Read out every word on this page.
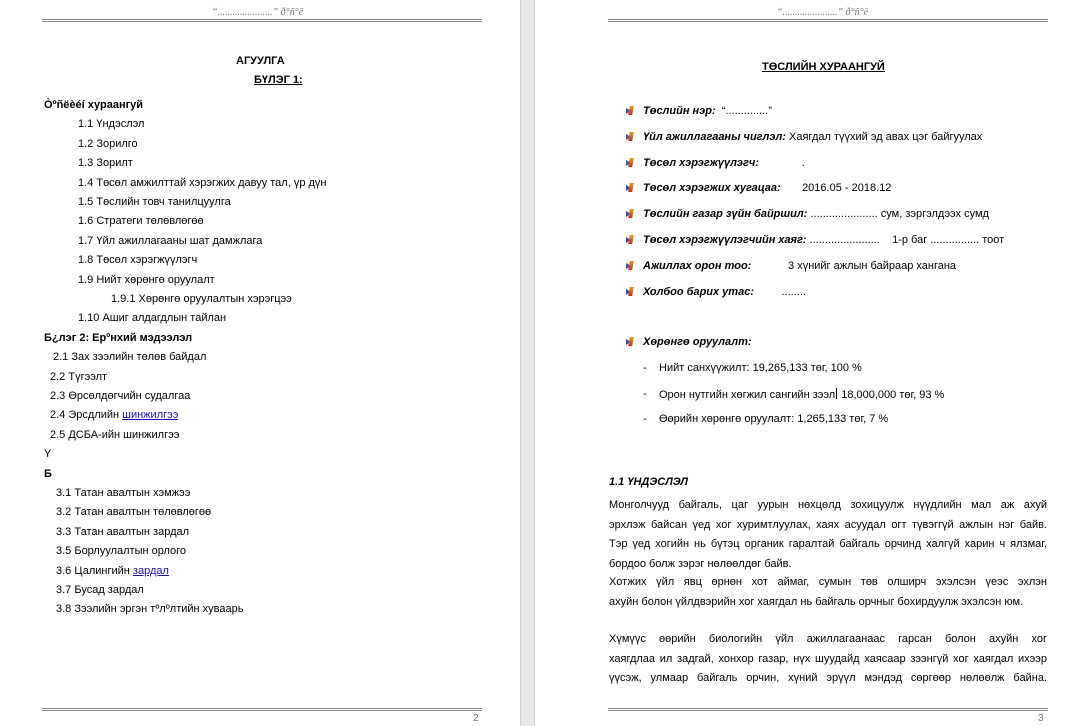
“......................” ð°ñ°ë
АГУУЛГА
БҮЛЭГ 1:
Òºñëèéí хураангуй
1.1 Үндэслэл
1.2 Зорилго
1.3 Зорилт
1.4 Төсөл амжилттай хэрэгжих давуу тал, үр дүн
1.5 Төслийн товч танилцуулга
1.6 Стратеги төлөвлөгөө
1.7 Үйл ажиллагааны шат дамжлага
1.8 Төсөл хэрэгжүүлэгч
1.9 Нийт хөрөнгө оруулалт
1.9.1 Хөрөнгө оруулалтын хэрэгцээ
1.10 Ашиг алдагдлын тайлан
Б¿лэг 2: Ерºнхий мэдээлэл
2.1 Зах зээлийн төлөв байдал
2.2 Түгээлт
2.3 Өрсөлдөгчийн судалгаа
2.4 Эрсдлийн шинжилгээ
2.5 ДСБА-ийн шинжилгээ
Y
Б
3.1 Татан авалтын хэмжээ
3.2 Татан авалтын төлөвлөгөө
3.3 Татан авалтын зардал
3.5 Борлуулалтын орлого
3.6 Цалингийн зардал
3.7 Бусад зардал
3.8 Зээлийн эргэн тºлºлтийн хуваарь
2
“......................” ð°ñ°ë
ТӨСЛИЙН ХУРААНГУЙ
Төслийн нэр:  “..............”
Үйл ажиллагааны чиглэл: Хаягдал түүхий эд авах цэг байгуулах
Төсөл хэрэгжүүлэгч:              .
Төсөл хэрэгжих хугацаа:       2016.05 - 2018.12
Төслийн газар зүйн байршил: ...................... сум, зэргэлдээх сумд
Төсөл хэрэгжүүлэгчийн хаяг: .......................    1-р баг ................ тоот
Ажиллах орон тоо:            3 хүнийг ажлын байраар хангана
Холбоо барих утас:         ........
Хөрөнгө оруулалт:
- Нийт санхүүжилт: 19,265,133 төг, 100 %
- Орон нутгийн хөгжил сангийн зээл 18,000,000 төг, 93 %
- Өөрийн хөрөнгө оруулалт: 1,265,133 төг, 7 %
1.1 ҮНДЭСЛЭЛ
Монголчууд байгаль, цаг уурын нөхцөлд зохицуулж нүүдлийн мал аж ахуй
эрхлэж байсан үед хог хуримтлуулах, хаях асуудал огт түвэггүй ажлын нэг байв.
Тэр үед хогийн нь бүтэц органик гаралтай байгаль орчинд халгүй харин ч ялзмаг,
бордоо болж зэрэг нөлөөлдөг байв.
Хотжих үйл явц өрнөн хот аймаг, сумын төв олширч эхэлсэн үеэс эхлэн
ахуйн болон үйлдвэрийн хог хаягдал нь байгаль орчныг бохирдуулж эхэлсэн юм.
Хүмүүс өөрийн биологийн үйл ажиллагаанаас гарсан болон ахуйн хог
хаягдлаа ил задгай, хонхор газар, нүх шуудайд хаясаар зээнгүй хог хаягдал ихээр
үүсэж, улмаар байгаль орчин, хүний эрүүл мэндэд сөргөөр нөлөөлж байна.
3
